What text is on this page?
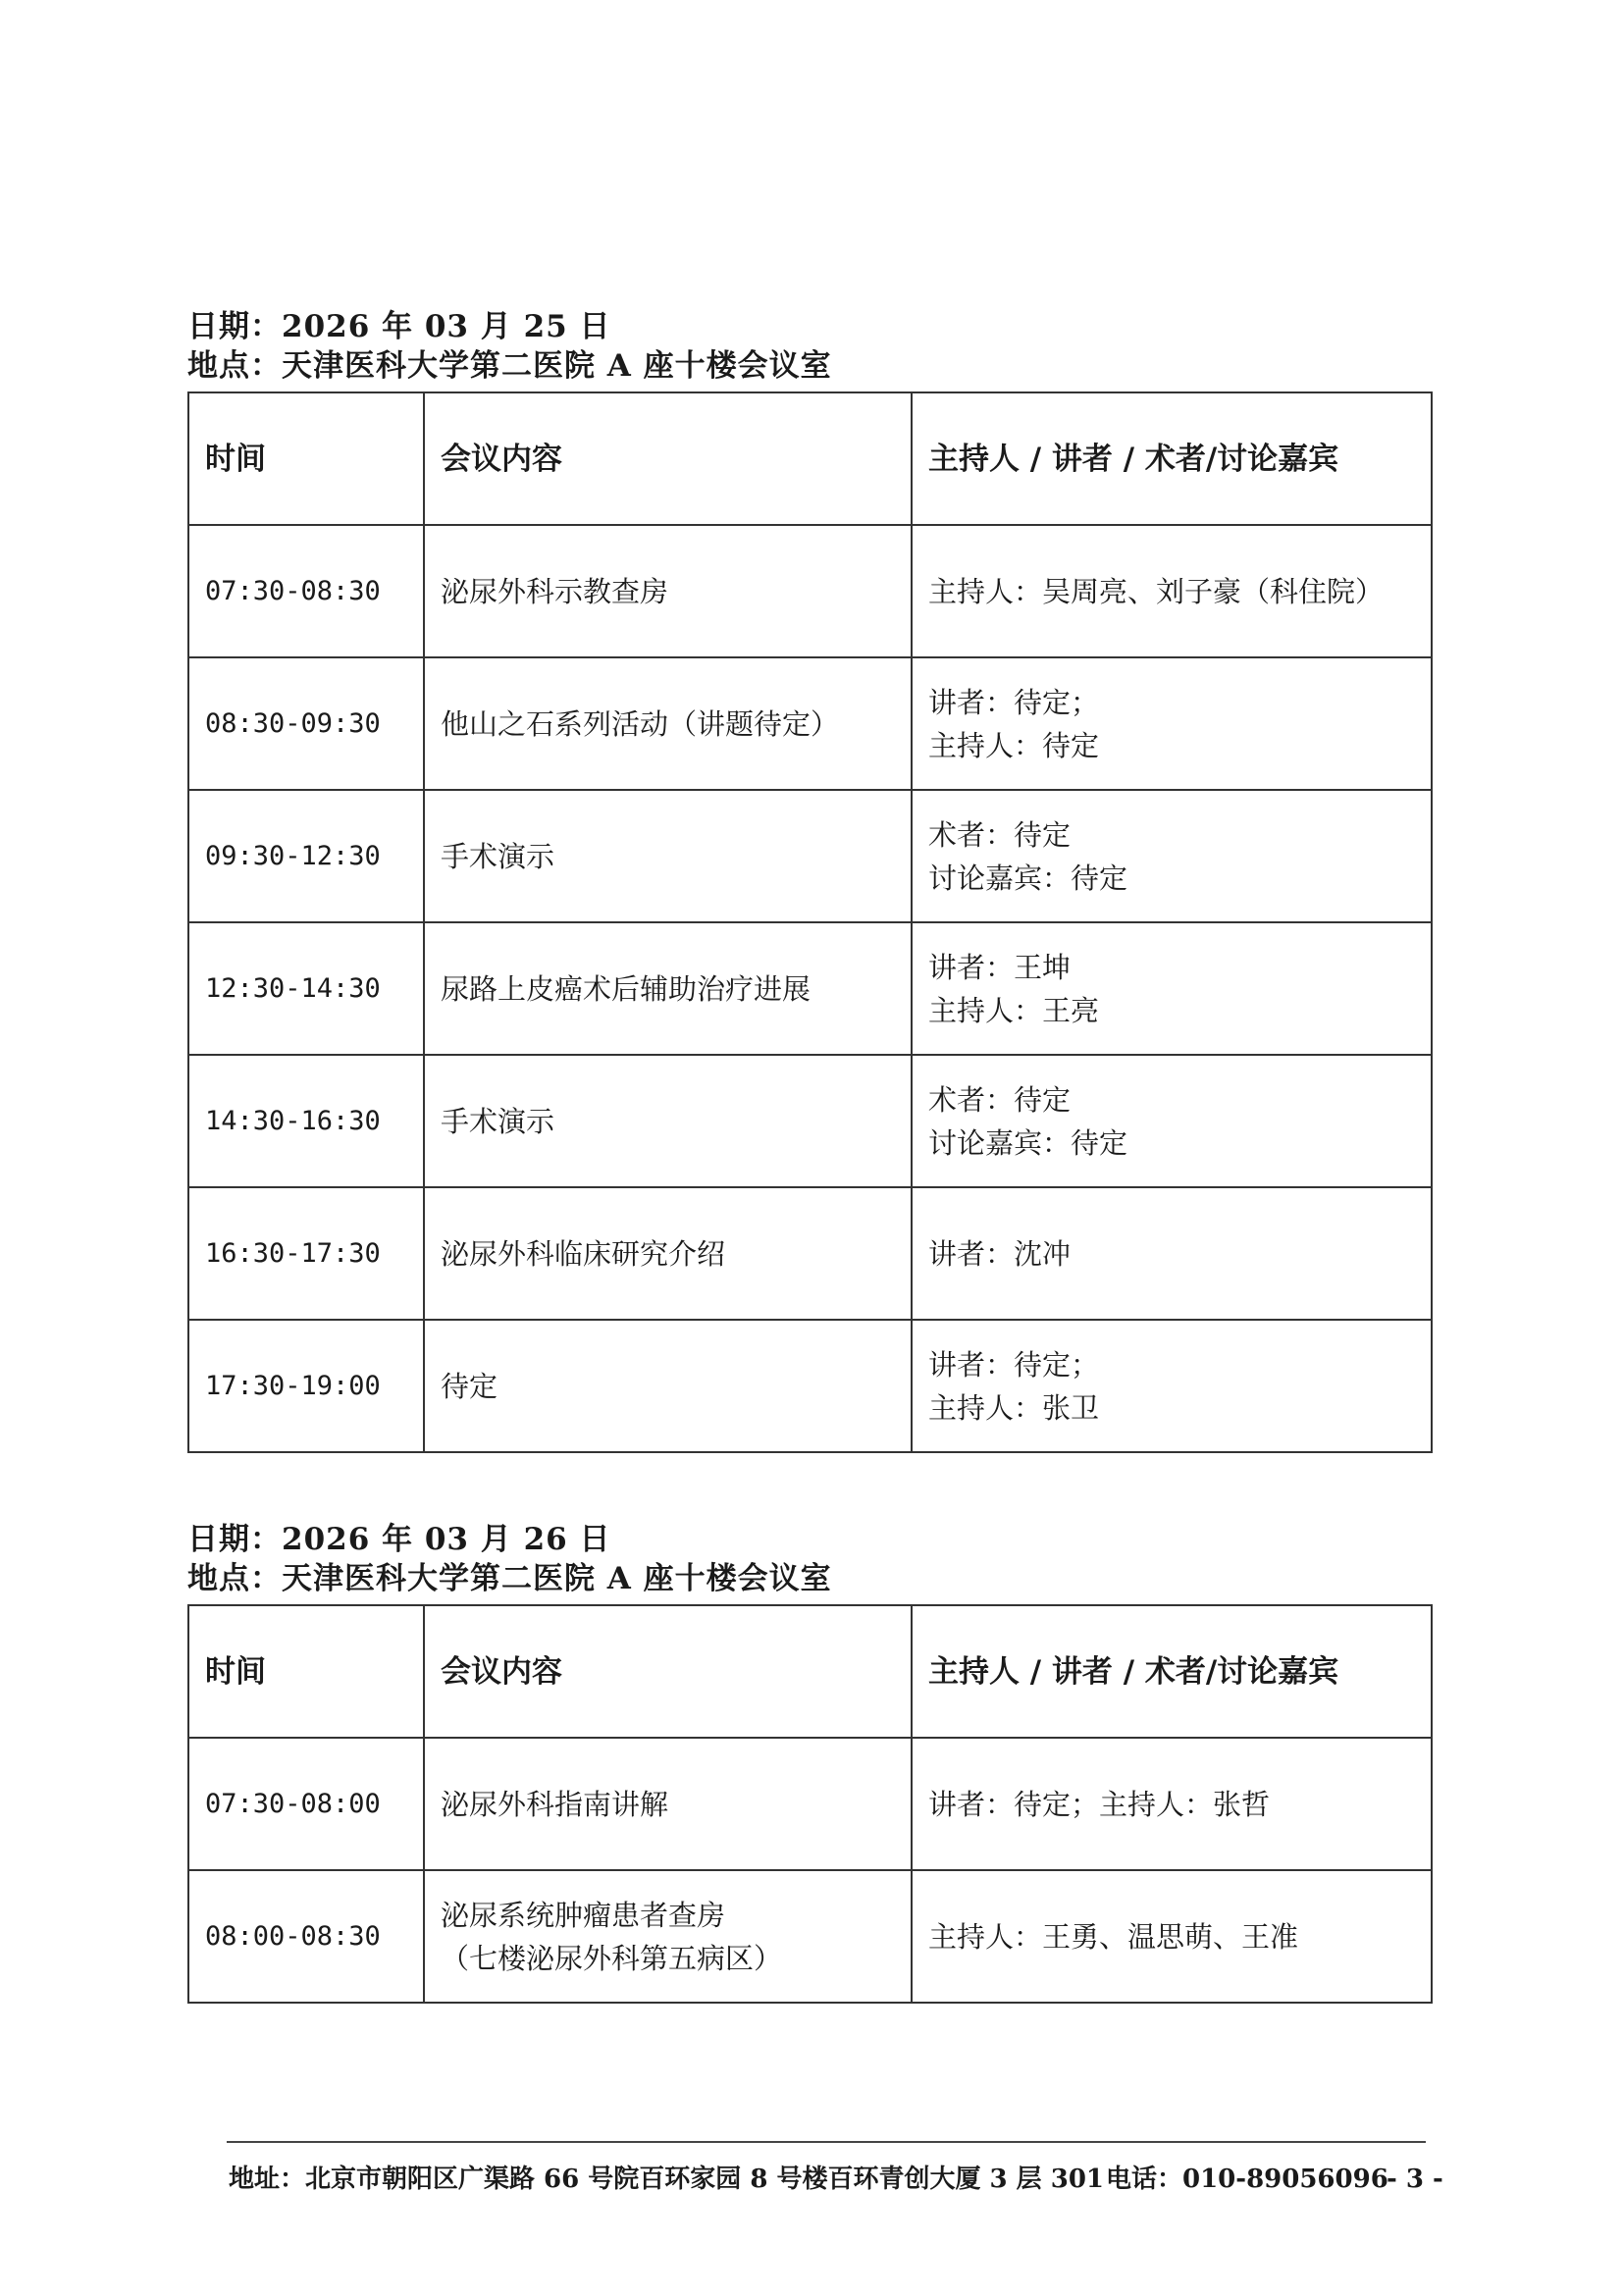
日期：2026 年 03 月 25 日
地点：天津医科大学第二医院 A 座十楼会议室
时间	会议内容	主持人 / 讲者 / 术者/讨论嘉宾
07:30-08:30	泌尿外科示教查房	主持人：吴周亮、刘子豪（科住院）

08:30-09:30	他山之石系列活动（讲题待定）	讲者：待定；
主持人：待定

09:30-12:30	手术演示	术者：待定
讨论嘉宾：待定

12:30-14:30	尿路上皮癌术后辅助治疗进展	讲者：王坤
主持人：王亮

14:30-16:30	手术演示	术者：待定
讨论嘉宾：待定

16:30-17:30	泌尿外科临床研究介绍	讲者：沈冲

17:30-19:00	待定	讲者：待定；
主持人：张卫
日期：2026 年 03 月 26 日
地点：天津医科大学第二医院 A 座十楼会议室
时间	会议内容	主持人 / 讲者 / 术者/讨论嘉宾
07:30-08:00	泌尿外科指南讲解	讲者：待定；主持人：张哲

08:00-08:30	泌尿系统肿瘤患者查房
（七楼泌尿外科第五病区）	主持人：王勇、温思萌、王准
地址：北京市朝阳区广渠路 66 号院百环家园 8 号楼百环青创大厦 3 层 301 电话：010-89056096
- 3 -
